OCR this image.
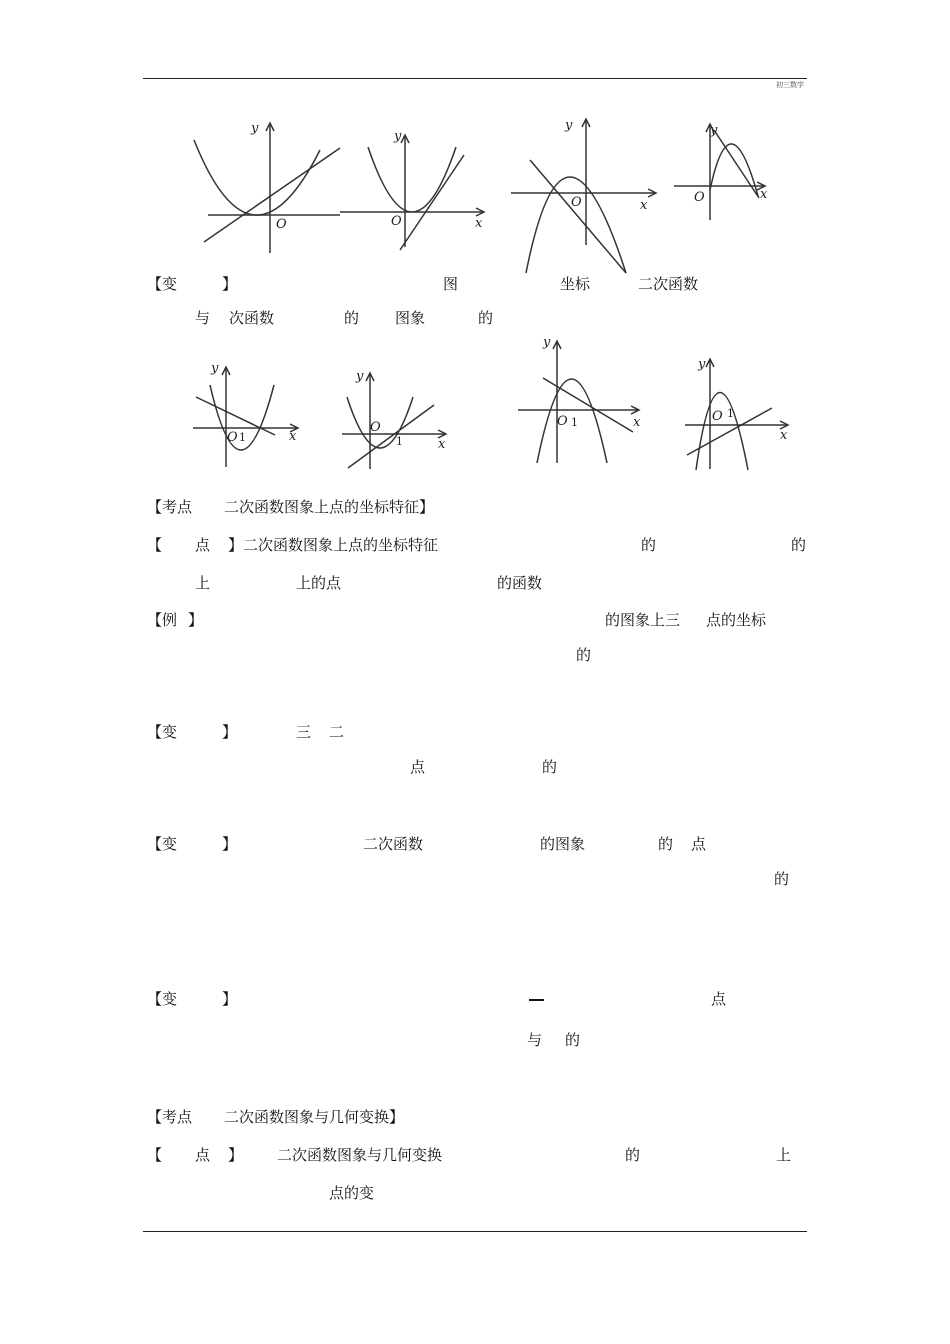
初三数学
y
O
y
x
O
y
x
O
y
x
O
【变	】	图	坐标	二次函数
与 次函数	的 图象	的
y
x
O 1
y
x
O
1
y
x
O 1
y
x
O 1
【考点 二次函数图象上点的坐标特征】
【 点 】二次函数图象上点的坐标特征	的	的
上	上的点	的函数
【例 】	的图象上三 点的坐标
的
【变	】	三 二
点	的
【变	】	二次函数	的图象	的 点
的
【变	】	点
与 的
【考点 二次函数图象与几何变换】
【 点 】 二次函数图象与几何变换	的	上
点的变
